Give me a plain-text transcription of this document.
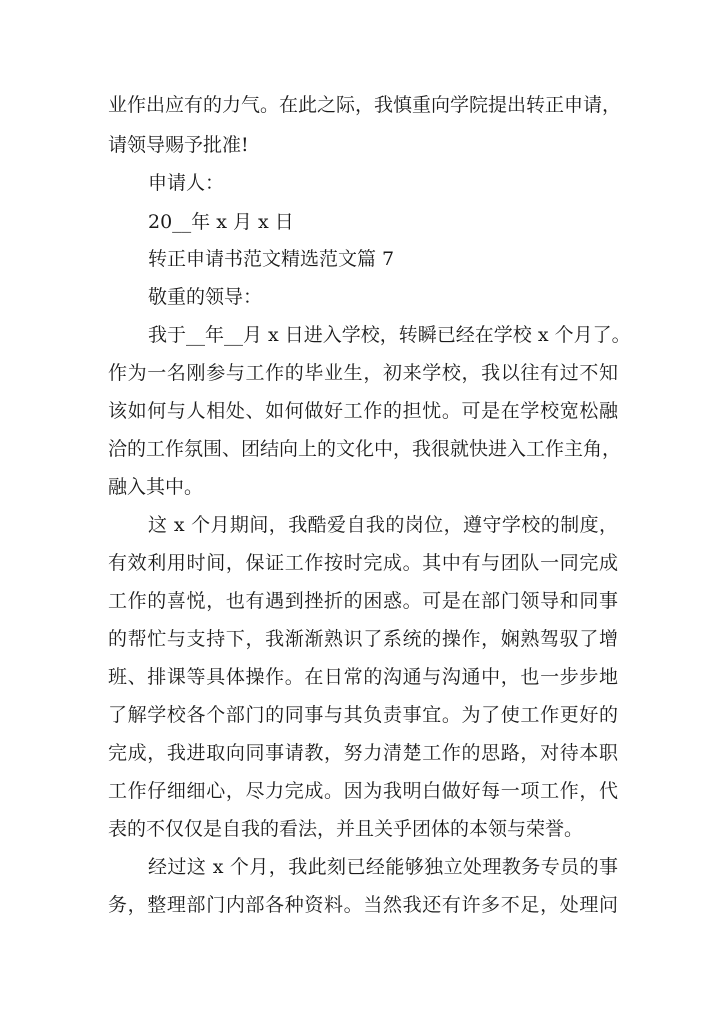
业作出应有的力气。在此之际，我慎重向学院提出转正申请，
请领导赐予批准!
申请人：
20__年 x 月 x 日
转正申请书范文精选范文篇 7
敬重的领导：
我于__年__月 x 日进入学校，转瞬已经在学校 x 个月了。
作为一名刚参与工作的毕业生，初来学校，我以往有过不知
该如何与人相处、如何做好工作的担忧。可是在学校宽松融
洽的工作氛围、团结向上的文化中，我很就快进入工作主角，
融入其中。
这 x 个月期间，我酷爱自我的岗位，遵守学校的制度，
有效利用时间，保证工作按时完成。其中有与团队一同完成
工作的喜悦，也有遇到挫折的困惑。可是在部门领导和同事
的帮忙与支持下，我渐渐熟识了系统的操作，娴熟驾驭了增
班、排课等具体操作。在日常的沟通与沟通中，也一步步地
了解学校各个部门的同事与其负责事宜。为了使工作更好的
完成，我进取向同事请教，努力清楚工作的思路，对待本职
工作仔细细心，尽力完成。因为我明白做好每一项工作，代
表的不仅仅是自我的看法，并且关乎团体的本领与荣誉。
经过这 x 个月，我此刻已经能够独立处理教务专员的事
务，整理部门内部各种资料。当然我还有许多不足，处理问
